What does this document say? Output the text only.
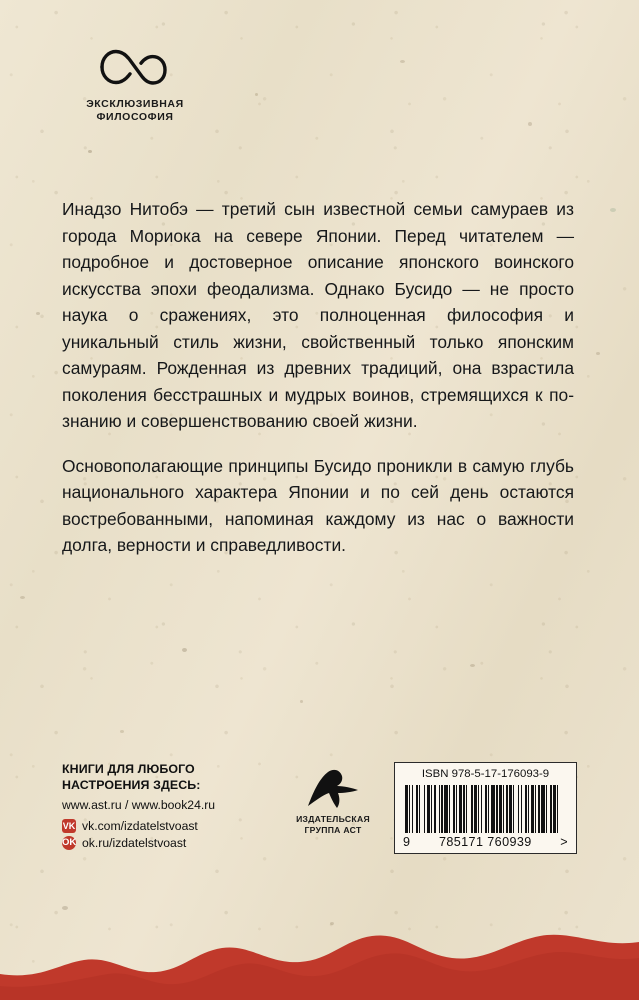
ЭКСКЛЮЗИВНАЯ
ФИЛОСОФИЯ

Инадзо Нитобэ — третий сын известной семьи самураев из города Мориока на севере Японии. Перед читателем — подробное и достоверное описание японского воинского искусства эпохи феодализма. Однако Бусидо — не просто наука о сражениях, это полноценная философия и уникальный стиль жизни, свойственный только японским самураям. Рожденная из древних традиций, она взрастила поколения бесстрашных и мудрых воинов, стремящихся к познанию и совершенствованию своей жизни.

Основополагающие принципы Бусидо проникли в самую глубь национального характера Японии и по сей день остаются востребованными, напоминая каждому из нас о важности долга, верности и справедливости.

КНИГИ ДЛЯ ЛЮБОГО
НАСТРОЕНИЯ ЗДЕСЬ:
www.ast.ru / www.book24.ru
VK vk.com/izdatelstvoast
OK ok.ru/izdatelstvoast
ИЗДАТЕЛЬСКАЯ
ГРУППА АСТ
ISBN 978-5-17-176093-9
9 785171 760939 >
